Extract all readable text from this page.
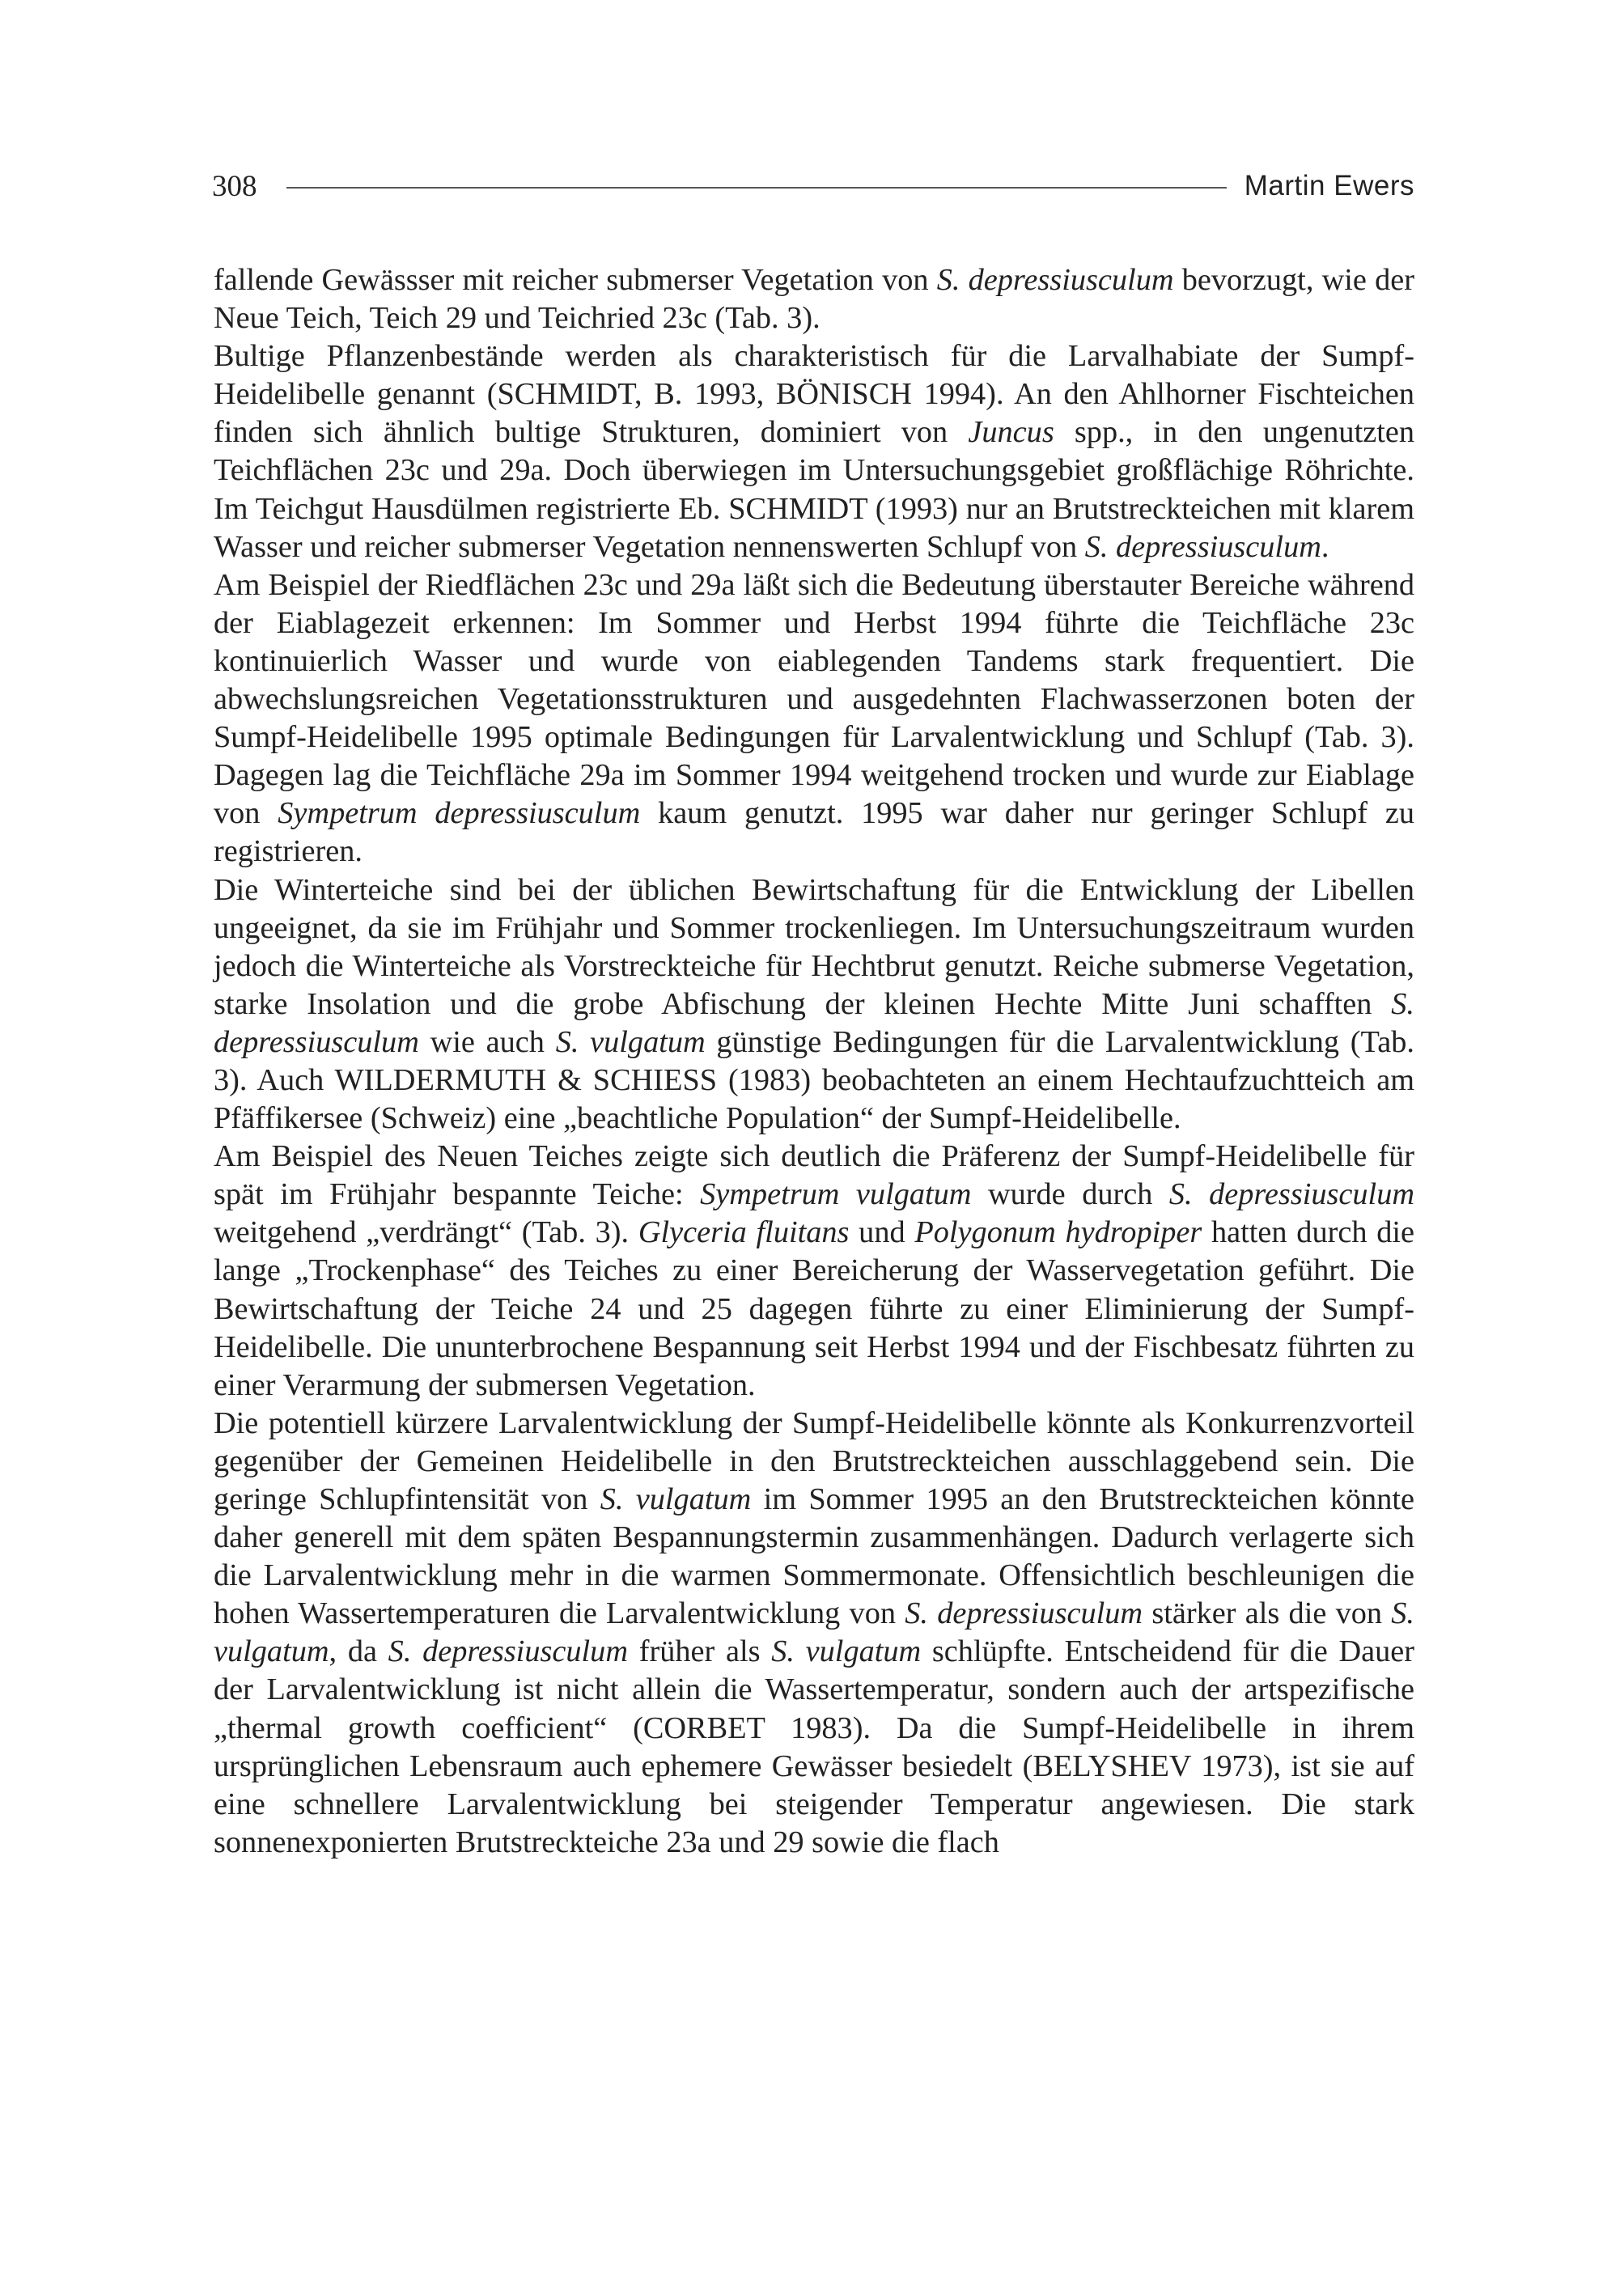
308	Martin Ewers

fallende Gewässser mit reicher submerser Vegetation von S. depressiusculum bevorzugt, wie der Neue Teich, Teich 29 und Teichried 23c (Tab. 3).

Bultige Pflanzenbestände werden als charakteristisch für die Larvalhabiate der Sumpf-Heidelibelle genannt (SCHMIDT, B. 1993, BÖNISCH 1994). An den Ahlhorner Fischteichen finden sich ähnlich bultige Strukturen, dominiert von Juncus spp., in den ungenutzten Teichflächen 23c und 29a. Doch überwiegen im Untersuchungsgebiet großflächige Röhrichte. Im Teichgut Hausdülmen registrierte Eb. SCHMIDT (1993) nur an Brutstreckteichen mit klarem Wasser und reicher submerser Vegetation nennenswerten Schlupf von S. depressiusculum.

Am Beispiel der Riedflächen 23c und 29a läßt sich die Bedeutung überstauter Bereiche während der Eiablagezeit erkennen: Im Sommer und Herbst 1994 führte die Teichfläche 23c kontinuierlich Wasser und wurde von eiablegenden Tandems stark frequentiert. Die abwechslungsreichen Vegetationsstrukturen und ausgedehnten Flachwasserzonen boten der Sumpf-Heidelibelle 1995 optimale Bedingungen für Larvalentwicklung und Schlupf (Tab. 3). Dagegen lag die Teichfläche 29a im Sommer 1994 weitgehend trocken und wurde zur Eiablage von Sympetrum depressiusculum kaum genutzt. 1995 war daher nur geringer Schlupf zu registrieren.

Die Winterteiche sind bei der üblichen Bewirtschaftung für die Entwicklung der Libellen ungeeignet, da sie im Frühjahr und Sommer trockenliegen. Im Untersuchungszeitraum wurden jedoch die Winterteiche als Vorstreckteiche für Hechtbrut genutzt. Reiche submerse Vegetation, starke Insolation und die grobe Abfischung der kleinen Hechte Mitte Juni schafften S. depressiusculum wie auch S. vulgatum günstige Bedingungen für die Larvalentwicklung (Tab. 3). Auch WILDERMUTH & SCHIESS (1983) beobachteten an einem Hechtaufzuchtteich am Pfäffikersee (Schweiz) eine „beachtliche Population“ der Sumpf-Heidelibelle.

Am Beispiel des Neuen Teiches zeigte sich deutlich die Präferenz der Sumpf-Heidelibelle für spät im Frühjahr bespannte Teiche: Sympetrum vulgatum wurde durch S. depressiusculum weitgehend „verdrängt“ (Tab. 3). Glyceria fluitans und Polygonum hydropiper hatten durch die lange „Trockenphase“ des Teiches zu einer Bereicherung der Wasservegetation geführt. Die Bewirtschaftung der Teiche 24 und 25 dagegen führte zu einer Eliminierung der Sumpf-Heidelibelle. Die ununterbrochene Bespannung seit Herbst 1994 und der Fischbesatz führten zu einer Verarmung der submersen Vegetation.

Die potentiell kürzere Larvalentwicklung der Sumpf-Heidelibelle könnte als Konkurrenzvorteil gegenüber der Gemeinen Heidelibelle in den Brutstreckteichen ausschlaggebend sein. Die geringe Schlupfintensität von S. vulgatum im Sommer 1995 an den Brutstreckteichen könnte daher generell mit dem späten Bespannungstermin zusammenhängen. Dadurch verlagerte sich die Larvalentwicklung mehr in die warmen Sommermonate. Offensichtlich beschleunigen die hohen Wassertemperaturen die Larvalentwicklung von S. depressiusculum stärker als die von S. vulgatum, da S. depressiusculum früher als S. vulgatum schlüpfte. Entscheidend für die Dauer der Larvalentwicklung ist nicht allein die Wassertemperatur, sondern auch der artspezifische „thermal growth coefficient“ (CORBET 1983). Da die Sumpf-Heidelibelle in ihrem ursprünglichen Lebensraum auch ephemere Gewässer besiedelt (BELYSHEV 1973), ist sie auf eine schnellere Larvalentwicklung bei steigender Temperatur angewiesen. Die stark sonnenexponierten Brutstreckteiche 23a und 29 sowie die flach
